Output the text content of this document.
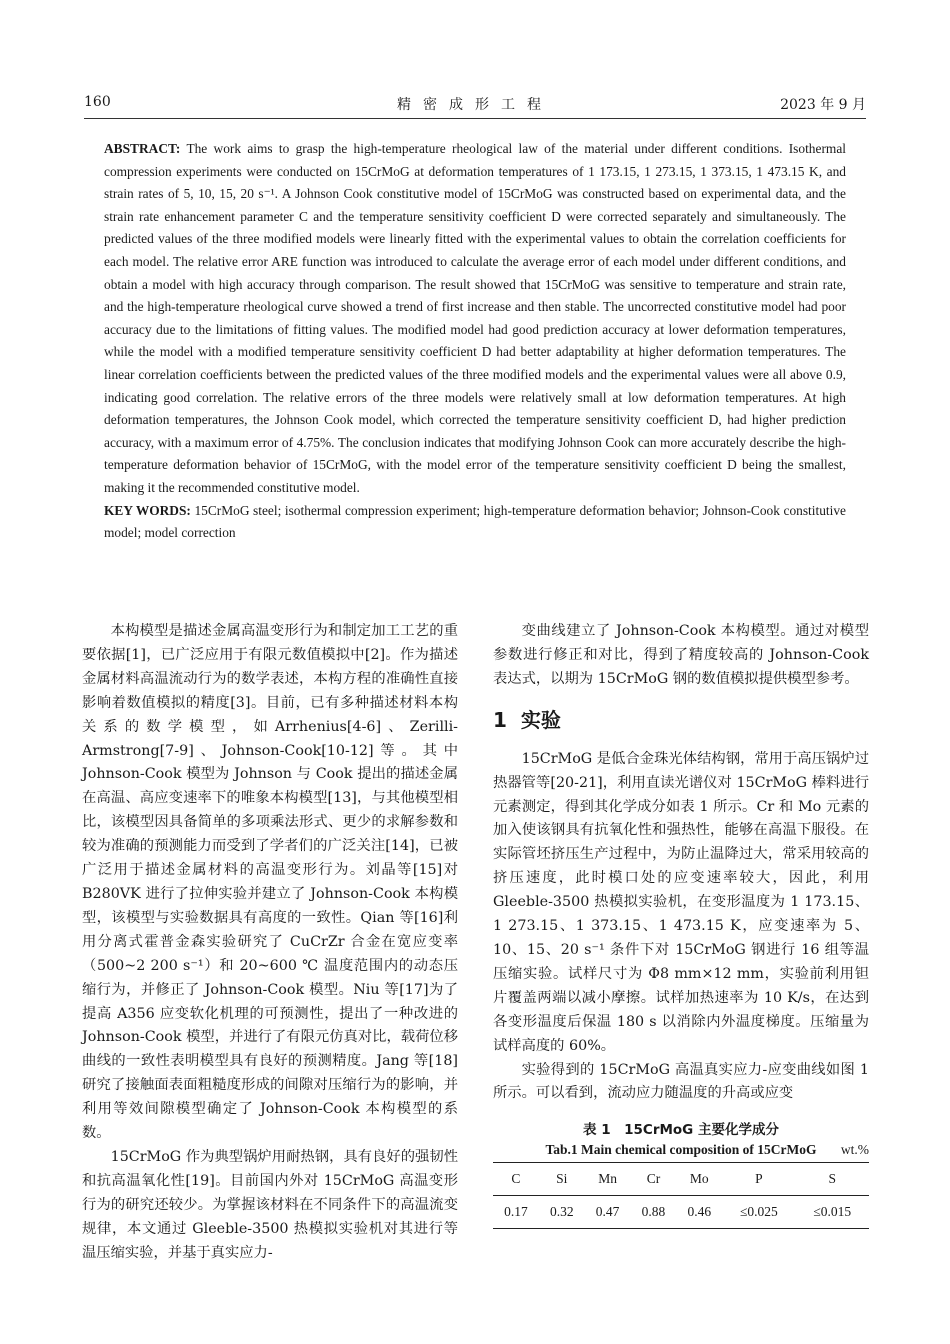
160	精密成形工程	2023 年 9 月
ABSTRACT: The work aims to grasp the high-temperature rheological law of the material under different conditions. Isothermal compression experiments were conducted on 15CrMoG at deformation temperatures of 1 173.15, 1 273.15, 1 373.15, 1 473.15 K, and strain rates of 5, 10, 15, 20 s⁻¹. A Johnson Cook constitutive model of 15CrMoG was constructed based on experimental data, and the strain rate enhancement parameter C and the temperature sensitivity coefficient D were corrected separately and simultaneously. The predicted values of the three modified models were linearly fitted with the experimental values to obtain the correlation coefficients for each model. The relative error ARE function was introduced to calculate the average error of each model under different conditions, and obtain a model with high accuracy through comparison. The result showed that 15CrMoG was sensitive to temperature and strain rate, and the high-temperature rheological curve showed a trend of first increase and then stable. The uncorrected constitutive model had poor accuracy due to the limitations of fitting values. The modified model had good prediction accuracy at lower deformation temperatures, while the model with a modified temperature sensitivity coefficient D had better adaptability at higher deformation temperatures. The linear correlation coefficients between the predicted values of the three modified models and the experimental values were all above 0.9, indicating good correlation. The relative errors of the three models were relatively small at low deformation temperatures. At high deformation temperatures, the Johnson Cook model, which corrected the temperature sensitivity coefficient D, had higher prediction accuracy, with a maximum error of 4.75%. The conclusion indicates that modifying Johnson Cook can more accurately describe the high-temperature deformation behavior of 15CrMoG, with the model error of the temperature sensitivity coefficient D being the smallest, making it the recommended constitutive model.
KEY WORDS: 15CrMoG steel; isothermal compression experiment; high-temperature deformation behavior; Johnson-Cook constitutive model; model correction

本构模型是描述金属高温变形行为和制定加工工艺的重要依据[1]，已广泛应用于有限元数值模拟中[2]。作为描述金属材料高温流动行为的数学表述，本构方程的准确性直接影响着数值模拟的精度[3]。目前，已有多种描述材料本构关系的数学模型，如Arrhenius[4-6]、Zerilli-Armstrong[7-9]、Johnson-Cook[10-12]等。其中 Johnson-Cook 模型为 Johnson 与 Cook 提出的描述金属在高温、高应变速率下的唯象本构模型[13]，与其他模型相比，该模型因具备简单的多项乘法形式、更少的求解参数和较为准确的预测能力而受到了学者们的广泛关注[14]，已被广泛用于描述金属材料的高温变形行为。刘晶等[15]对 B280VK 进行了拉伸实验并建立了 Johnson-Cook 本构模型，该模型与实验数据具有高度的一致性。Qian 等[16]利用分离式霍普金森实验研究了 CuCrZr 合金在宽应变率（500~2 200 s⁻¹）和 20~600 ℃ 温度范围内的动态压缩行为，并修正了 Johnson-Cook 模型。Niu 等[17]为了提高 A356 应变软化机理的可预测性，提出了一种改进的 Johnson-Cook 模型，并进行了有限元仿真对比，载荷位移曲线的一致性表明模型具有良好的预测精度。Jang 等[18]研究了接触面表面粗糙度形成的间隙对压缩行为的影响，并利用等效间隙模型确定了 Johnson-Cook 本构模型的系数。

15CrMoG 作为典型锅炉用耐热钢，具有良好的强韧性和抗高温氧化性[19]。目前国内外对 15CrMoG 高温变形行为的研究还较少。为掌握该材料在不同条件下的高温流变规律，本文通过 Gleeble-3500 热模拟实验机对其进行等温压缩实验，并基于真实应力-

变曲线建立了 Johnson-Cook 本构模型。通过对模型参数进行修正和对比，得到了精度较高的 Johnson-Cook 表达式，以期为 15CrMoG 钢的数值模拟提供模型参考。

1 实验

15CrMoG 是低合金珠光体结构钢，常用于高压锅炉过热器管等[20-21]，利用直读光谱仪对 15CrMoG 棒料进行元素测定，得到其化学成分如表 1 所示。Cr 和 Mo 元素的加入使该钢具有抗氧化性和强热性，能够在高温下服役。在实际管坯挤压生产过程中，为防止温降过大，常采用较高的挤压速度，此时模口处的应变速率较大，因此，利用 Gleeble-3500 热模拟实验机，在变形温度为 1 173.15、1 273.15、1 373.15、1 473.15 K，应变速率为 5、10、15、20 s⁻¹ 条件下对 15CrMoG 钢进行 16 组等温压缩实验。试样尺寸为 Φ8 mm×12 mm，实验前利用钽片覆盖两端以减小摩擦。试样加热速率为 10 K/s，在达到各变形温度后保温 180 s 以消除内外温度梯度。压缩量为试样高度的 60%。

实验得到的 15CrMoG 高温真实应力-应变曲线如图 1 所示。可以看到，流动应力随温度的升高或应变

表 1　15CrMoG 主要化学成分
Tab.1 Main chemical composition of 15CrMoG wt.%
C	Si	Mn	Cr	Mo	P	S
0.17	0.32	0.47	0.88	0.46	≤0.025	≤0.015
